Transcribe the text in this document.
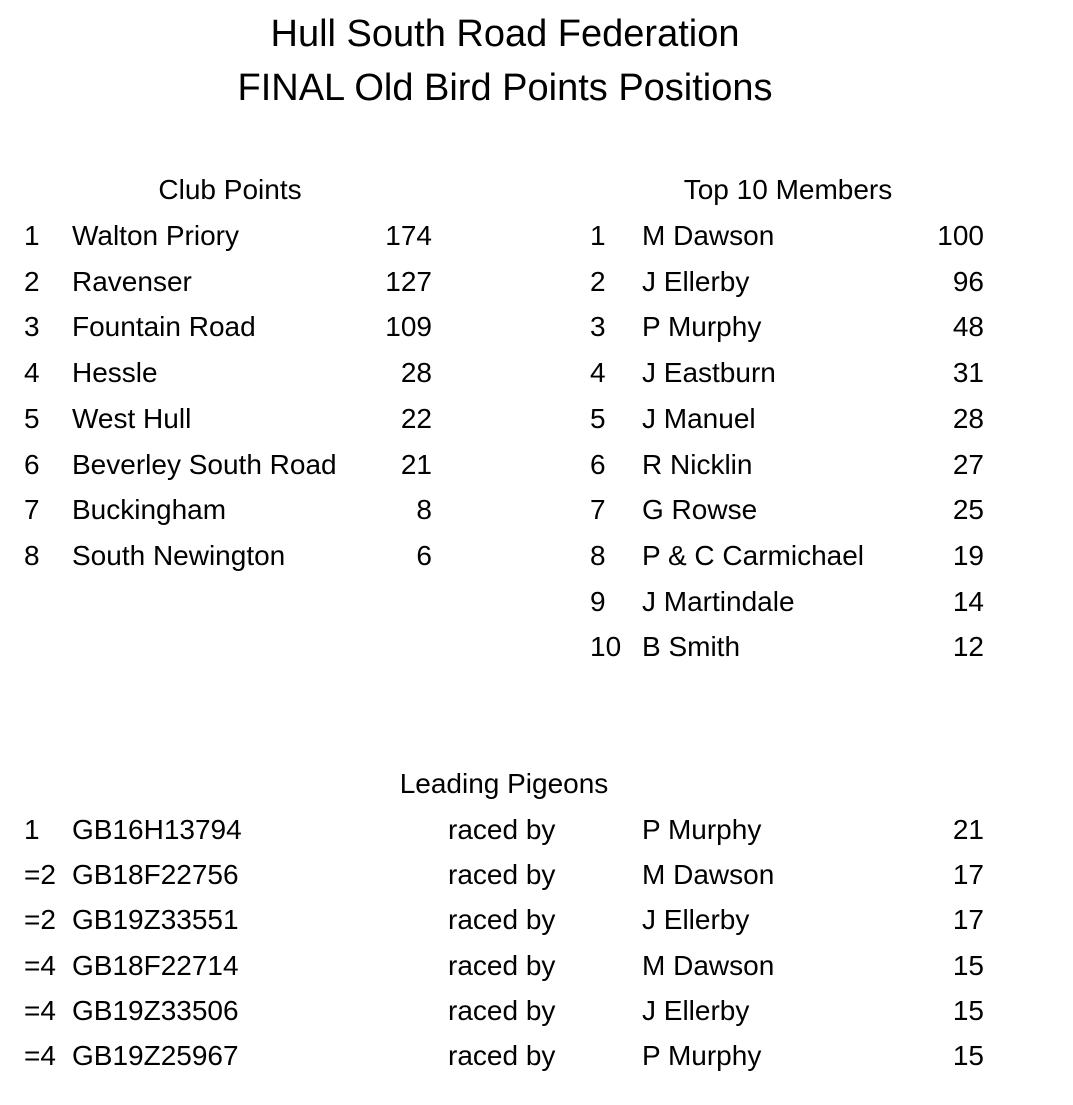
Hull South Road Federation
FINAL Old Bird Points Positions
Club Points	Top 10 Members
Leading Pigeons
1	Walton Priory	174
2	Ravenser	127
3	Fountain Road	109
4	Hessle	28
5	West Hull	22
6	Beverley South Road	21
7	Buckingham	8
8	South Newington	6
1	M Dawson	100
2	J Ellerby	96
3	P Murphy	48
4	J Eastburn	31
5	J Manuel	28
6	R Nicklin	27
7	G Rowse	25
8	P & C Carmichael	19
9	J Martindale	14
10 B Smith	12
1	GB16H13794	raced by	P Murphy	21
=2 GB18F22756	raced by	M Dawson	17
=2 GB19Z33551	raced by	J Ellerby	17
=4 GB18F22714	raced by	M Dawson	15
=4 GB19Z33506	raced by	J Ellerby	15
=4 GB19Z25967	raced by	P Murphy	15
